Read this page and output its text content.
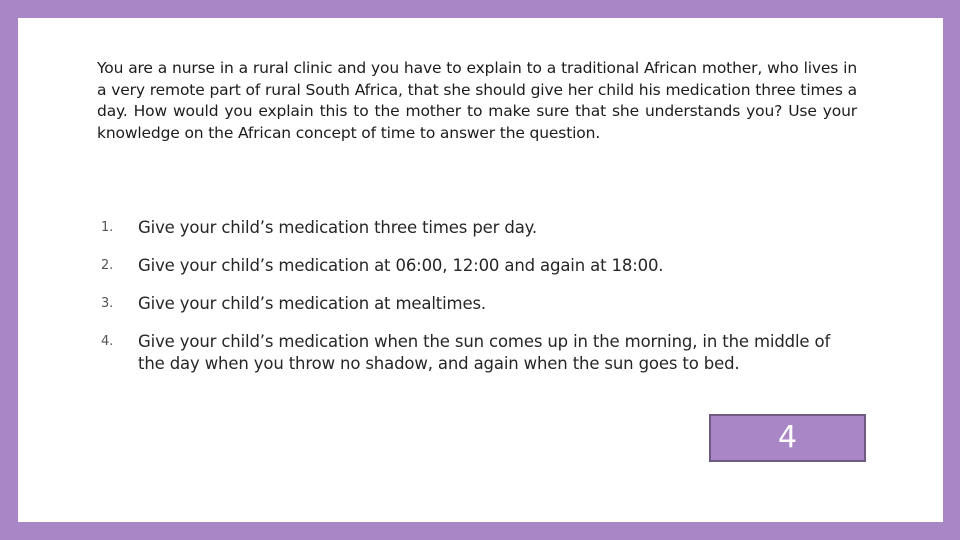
You are a nurse in a rural clinic and you have to explain to a traditional African mother, who lives in a very remote part of rural South Africa, that she should give her child his medication three times a day. How would you explain this to the mother to make sure that she understands you? Use your knowledge on the African concept of time to answer the question.

1.	Give your child’s medication three times per day.
2.	Give your child’s medication at 06:00, 12:00 and again at 18:00.
3.	Give your child’s medication at mealtimes.
4.	Give your child’s medication when the sun comes up in the morning, in the middle of the day when you throw no shadow, and again when the sun goes to bed.
4
